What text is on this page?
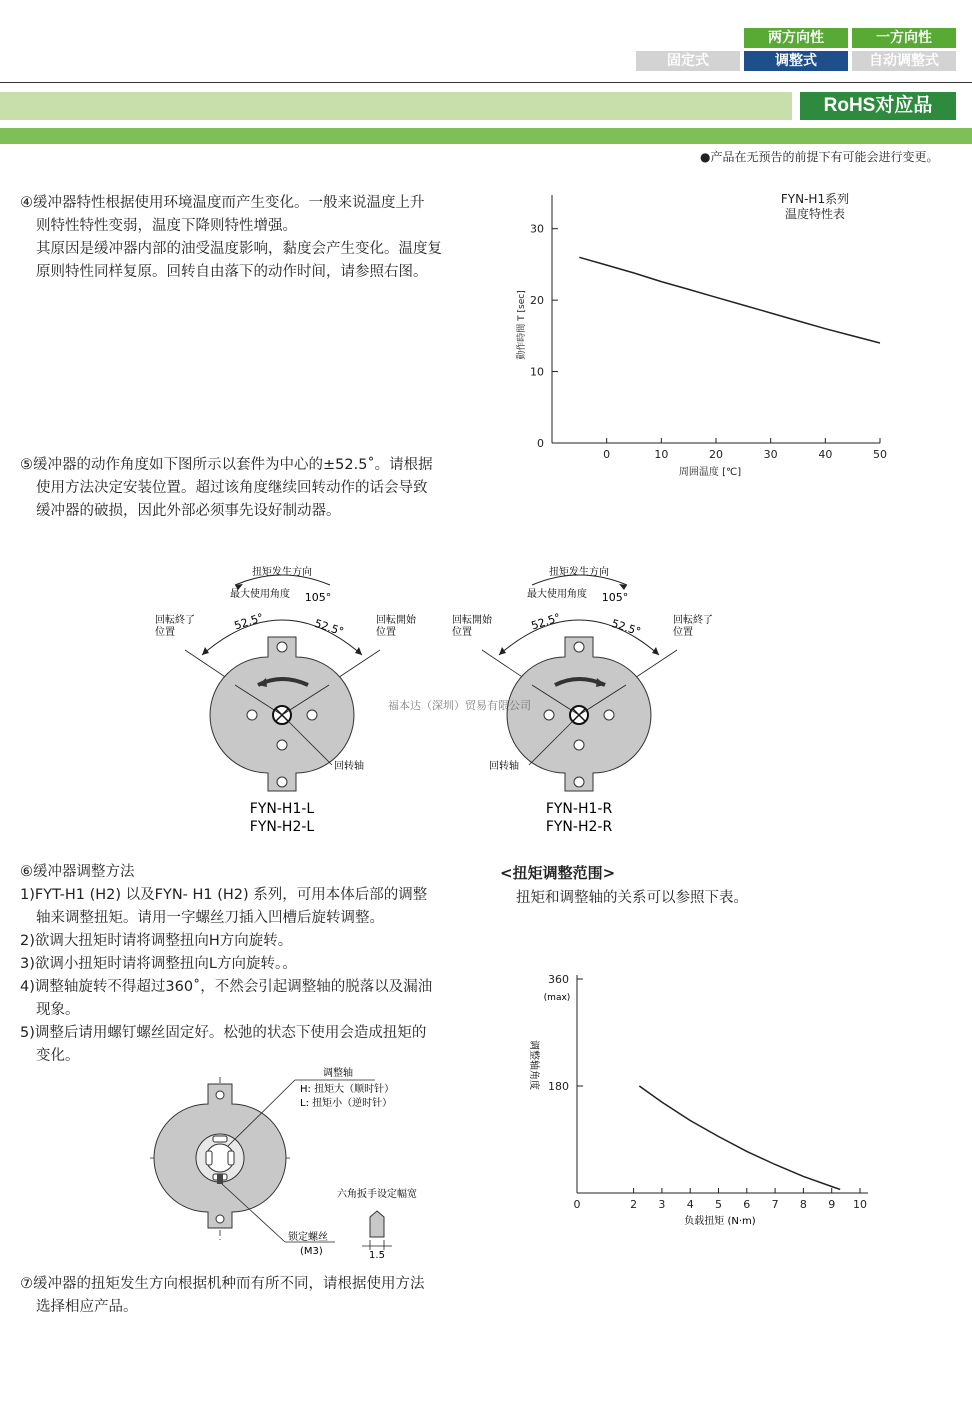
两方向性	一方向性
固定式	调整式	自动调整式
RoHS对应品
●产品在无预告的前提下有可能会进行变更。

④缓冲器特性根据使用环境温度而产生变化。一般来说温度上升

则特性特性变弱，温度下降则特性增强。

其原因是缓冲器内部的油受温度影响，黏度会产生变化。温度复

原则特性同样复原。回转自由落下的动作时间，请参照右图。

FYN-H1系列
温度特性表
動作時間 T [sec]
周囲温度 [℃]
0	10	20	30	40	50
0
10
20
30

⑤缓冲器的动作角度如下图所示以套件为中心的±52.5˚。请根据

使用方法决定安装位置。超过该角度继续回转动作的话会导致

缓冲器的破损，因此外部必须事先设好制动器。

扭矩发生方向
最大使用角度 105°
52.5°	52.5°
回転終了
位置
回転開始
位置
回转轴
FYN-H1-L
FYN-H2-L
扭矩发生方向
最大使用角度 105°
52.5°	52.5°
回転開始
位置
回転終了
位置
回转轴
FYN-H1-R
FYN-H2-R
福本达（深圳）贸易有限公司

⑥缓冲器调整方法

1)FYT-H1 (H2) 以及FYN- H1 (H2) 系列，可用本体后部的调整

轴来调整扭矩。请用一字螺丝刀插入凹槽后旋转调整。

2)欲调大扭矩时请将调整扭向H方向旋转。

3)欲调小扭矩时请将调整扭向L方向旋转。。

4)调整轴旋转不得超过360˚，不然会引起调整轴的脱落以及漏油

现象。

5)调整后请用螺钉螺丝固定好。松弛的状态下使用会造成扭矩的

变化。

<扭矩调整范围>
扭矩和调整轴的关系可以参照下表。
调整轴
H: 扭矩大（顺时针）
L: 扭矩小（逆时针）
锁定螺丝
(M3)
六角扳手设定幅宽
1.5
(max)
调整轴角度
负载扭矩 (N·m)
0	2 3 4 5 6 7 8 9 10
180
360

⑦缓冲器的扭矩发生方向根据机种而有所不同，请根据使用方法

选择相应产品。
